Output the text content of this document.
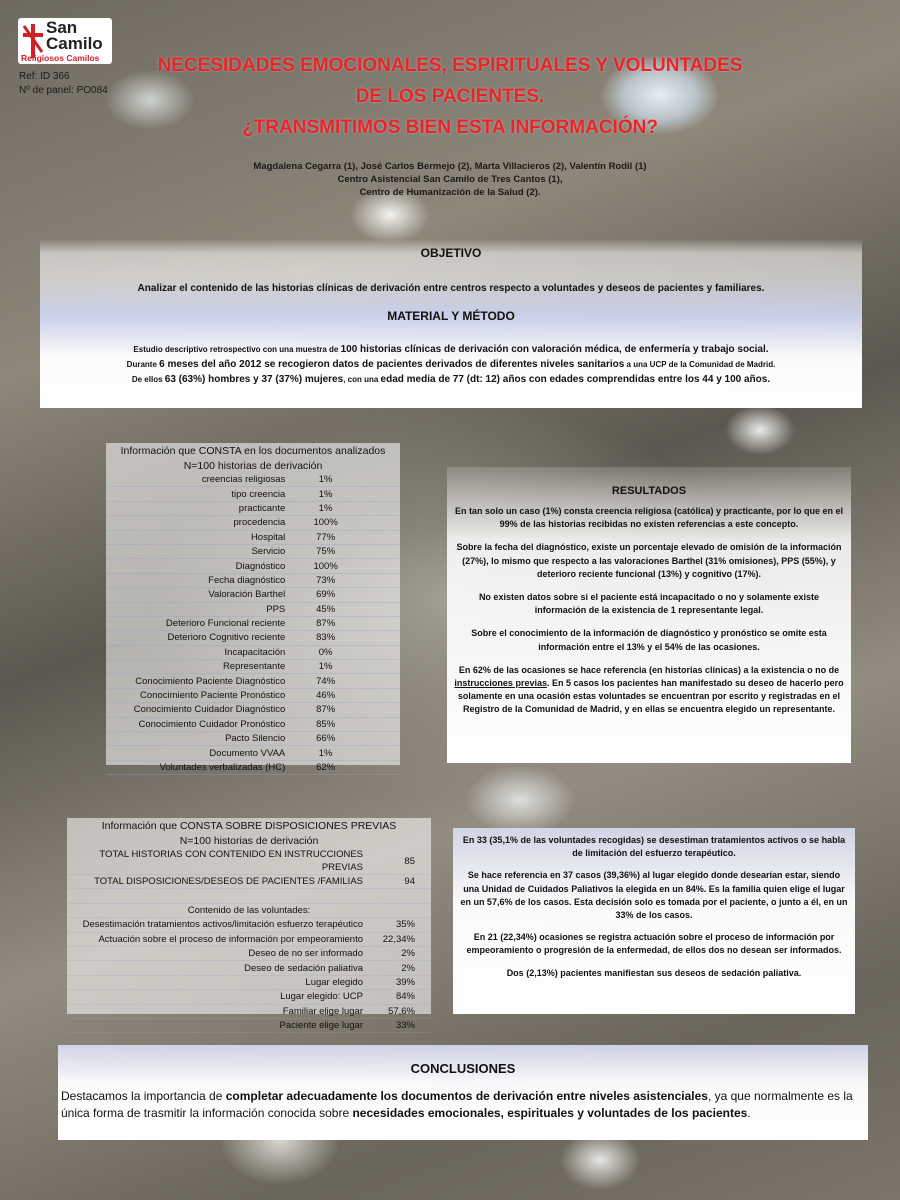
San
Camilo
Religiosos Camilos
Ref: ID 366
Nº de panel: PO084
NECESIDADES EMOCIONALES, ESPIRITUALES Y VOLUNTADES
DE LOS PACIENTES.
¿TRANSMITIMOS BIEN ESTA INFORMACIÓN?
Magdalena Cegarra (1), José Carlos Bermejo (2), Marta Villacieros (2), Valentín Rodil (1)
Centro Asistencial San Camilo de Tres Cantos (1),
Centro de Humanización de la Salud (2).
OBJETIVO
Analizar el contenido de las historias clínicas de derivación entre centros respecto a voluntades y deseos de pacientes y familiares.
MATERIAL Y MÉTODO
Estudio descriptivo retrospectivo con una muestra de 100 historias clínicas de derivación con valoración médica, de enfermería y trabajo social.
Durante 6 meses del año 2012 se recogieron datos de pacientes derivados de diferentes niveles sanitarios a una UCP de la Comunidad de Madrid.
De ellos 63 (63%) hombres y 37 (37%) mujeres, con una edad media de 77 (dt: 12) años con edades comprendidas entre los 44 y 100 años.
Información que CONSTA en los documentos analizados
N=100 historias de derivación
creencias religiosas	1%
tipo creencia	1%
practicante	1%
procedencia	100%
Hospital	77%
Servicio	75%
Diagnóstico	100%
Fecha diagnóstico	73%
Valoración Barthel	69%
PPS	45%
Deterioro Funcional reciente	87%
Deterioro Cognitivo reciente	83%
Incapacitación	0%
Representante	1%
Conocimiento Paciente Diagnóstico	74%
Conocimiento Paciente Pronóstico	46%
Conocimiento Cuidador Diagnóstico	87%
Conocimiento Cuidador Pronóstico	85%
Pacto Silencio	66%
Documento VVAA	1%
Voluntades verbalizadas (HC)	62%
RESULTADOS

En tan solo un caso (1%) consta creencia religiosa (católica) y practicante, por lo que en el 99% de las historias recibidas no existen referencias a este concepto.

Sobre la fecha del diagnóstico, existe un porcentaje elevado de omisión de la información (27%), lo mismo que respecto a las valoraciones Barthel (31% omisiones), PPS (55%), y deterioro reciente funcional (13%) y cognitivo (17%).

No existen datos sobre si el paciente está incapacitado o no y solamente existe información de la existencia de 1 representante legal.

Sobre el conocimiento de la información de diagnóstico y pronóstico se omite esta información entre el 13% y el 54% de las ocasiones.

En 62% de las ocasiones se hace referencia (en historias clínicas) a la existencia o no de instrucciones previas. En 5 casos los pacientes han manifestado su deseo de hacerlo pero solamente en una ocasión estas voluntades se encuentran por escrito y registradas en el Registro de la Comunidad de Madrid, y en ellas se encuentra elegido un representante.

Información que CONSTA SOBRE DISPOSICIONES PREVIAS
N=100 historias de derivación
TOTAL HISTORIAS CON CONTENIDO EN INSTRUCCIONES PREVIAS	85
TOTAL DISPOSICIONES/DESEOS DE PACIENTES /FAMILIAS	94

Contenido de las voluntades:	
Desestimación tratamientos activos/limitación esfuerzo terapéutico	35%
Actuación sobre el proceso de información por empeoramiento	22,34%
Deseo de no ser informado	2%
Deseo de sedación paliativa	2%
Lugar elegido	39%
Lugar elegido: UCP	84%
Familiar elige lugar	57,6%
Paciente elige lugar	33%

En 33 (35,1% de las voluntades recogidas) se desestiman tratamientos activos o se habla de limitación del esfuerzo terapéutico.

Se hace referencia en 37 casos (39,36%) al lugar elegido donde desearían estar, siendo una Unidad de Cuidados Paliativos la elegida en un 84%. Es la familia quien elige el lugar en un 57,6% de los casos. Esta decisión solo es tomada por el paciente, o junto a él, en un 33% de los casos.

En 21 (22,34%) ocasiones se registra actuación sobre el proceso de información por empeoramiento o progresión de la enfermedad, de ellos dos no desean ser informados.

Dos (2,13%) pacientes manifiestan sus deseos de sedación paliativa.

CONCLUSIONES

Destacamos la importancia de completar adecuadamente los documentos de derivación entre niveles asistenciales, ya que normalmente es la única forma de trasmitir la información conocida sobre necesidades emocionales, espirituales y voluntades de los pacientes.
